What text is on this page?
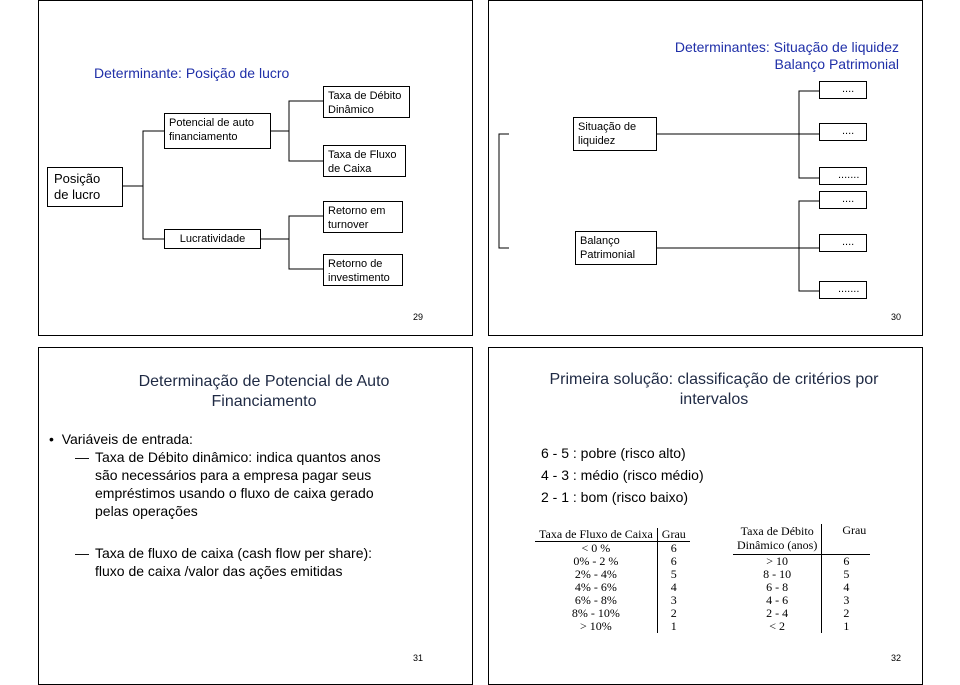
Determinante: Posição de lucro
Posição de lucro
Potencial de auto financiamento
Lucratividade
Taxa de Débito Dinâmico
Taxa de Fluxo de Caixa
Retorno em turnover
Retorno de investimento
29
Determinantes: Situação de liquidez
Balanço Patrimonial
Situação de liquidez
Balanço Patrimonial
....
....
.......
....
....
.......
30
Determinação de Potencial de Auto
Financiamento
• Variáveis de entrada:
— Taxa de Débito dinâmico: indica quantos anos
são necessários para a empresa pagar seus
empréstimos usando o fluxo de caixa gerado
pelas operações
— Taxa de fluxo de caixa (cash flow per share):
fluxo de caixa /valor das ações emitidas
31
Primeira solução: classificação de critérios por
intervalos
6 - 5 : pobre (risco alto)
4 - 3 : médio (risco médio)
2 - 1 : bom (risco baixo)
Taxa de Fluxo de Caixa	Grau
< 0 %	6
0% - 2 %	6
2% - 4%	5
4% - 6%	4
6% - 8%	3
8% - 10%	2
> 10%	1
Taxa de Débito
Dinâmico (anos)	Grau
> 10	6
8 - 10	5
6 - 8	4
4 - 6	3
2 - 4	2
< 2	1
32
